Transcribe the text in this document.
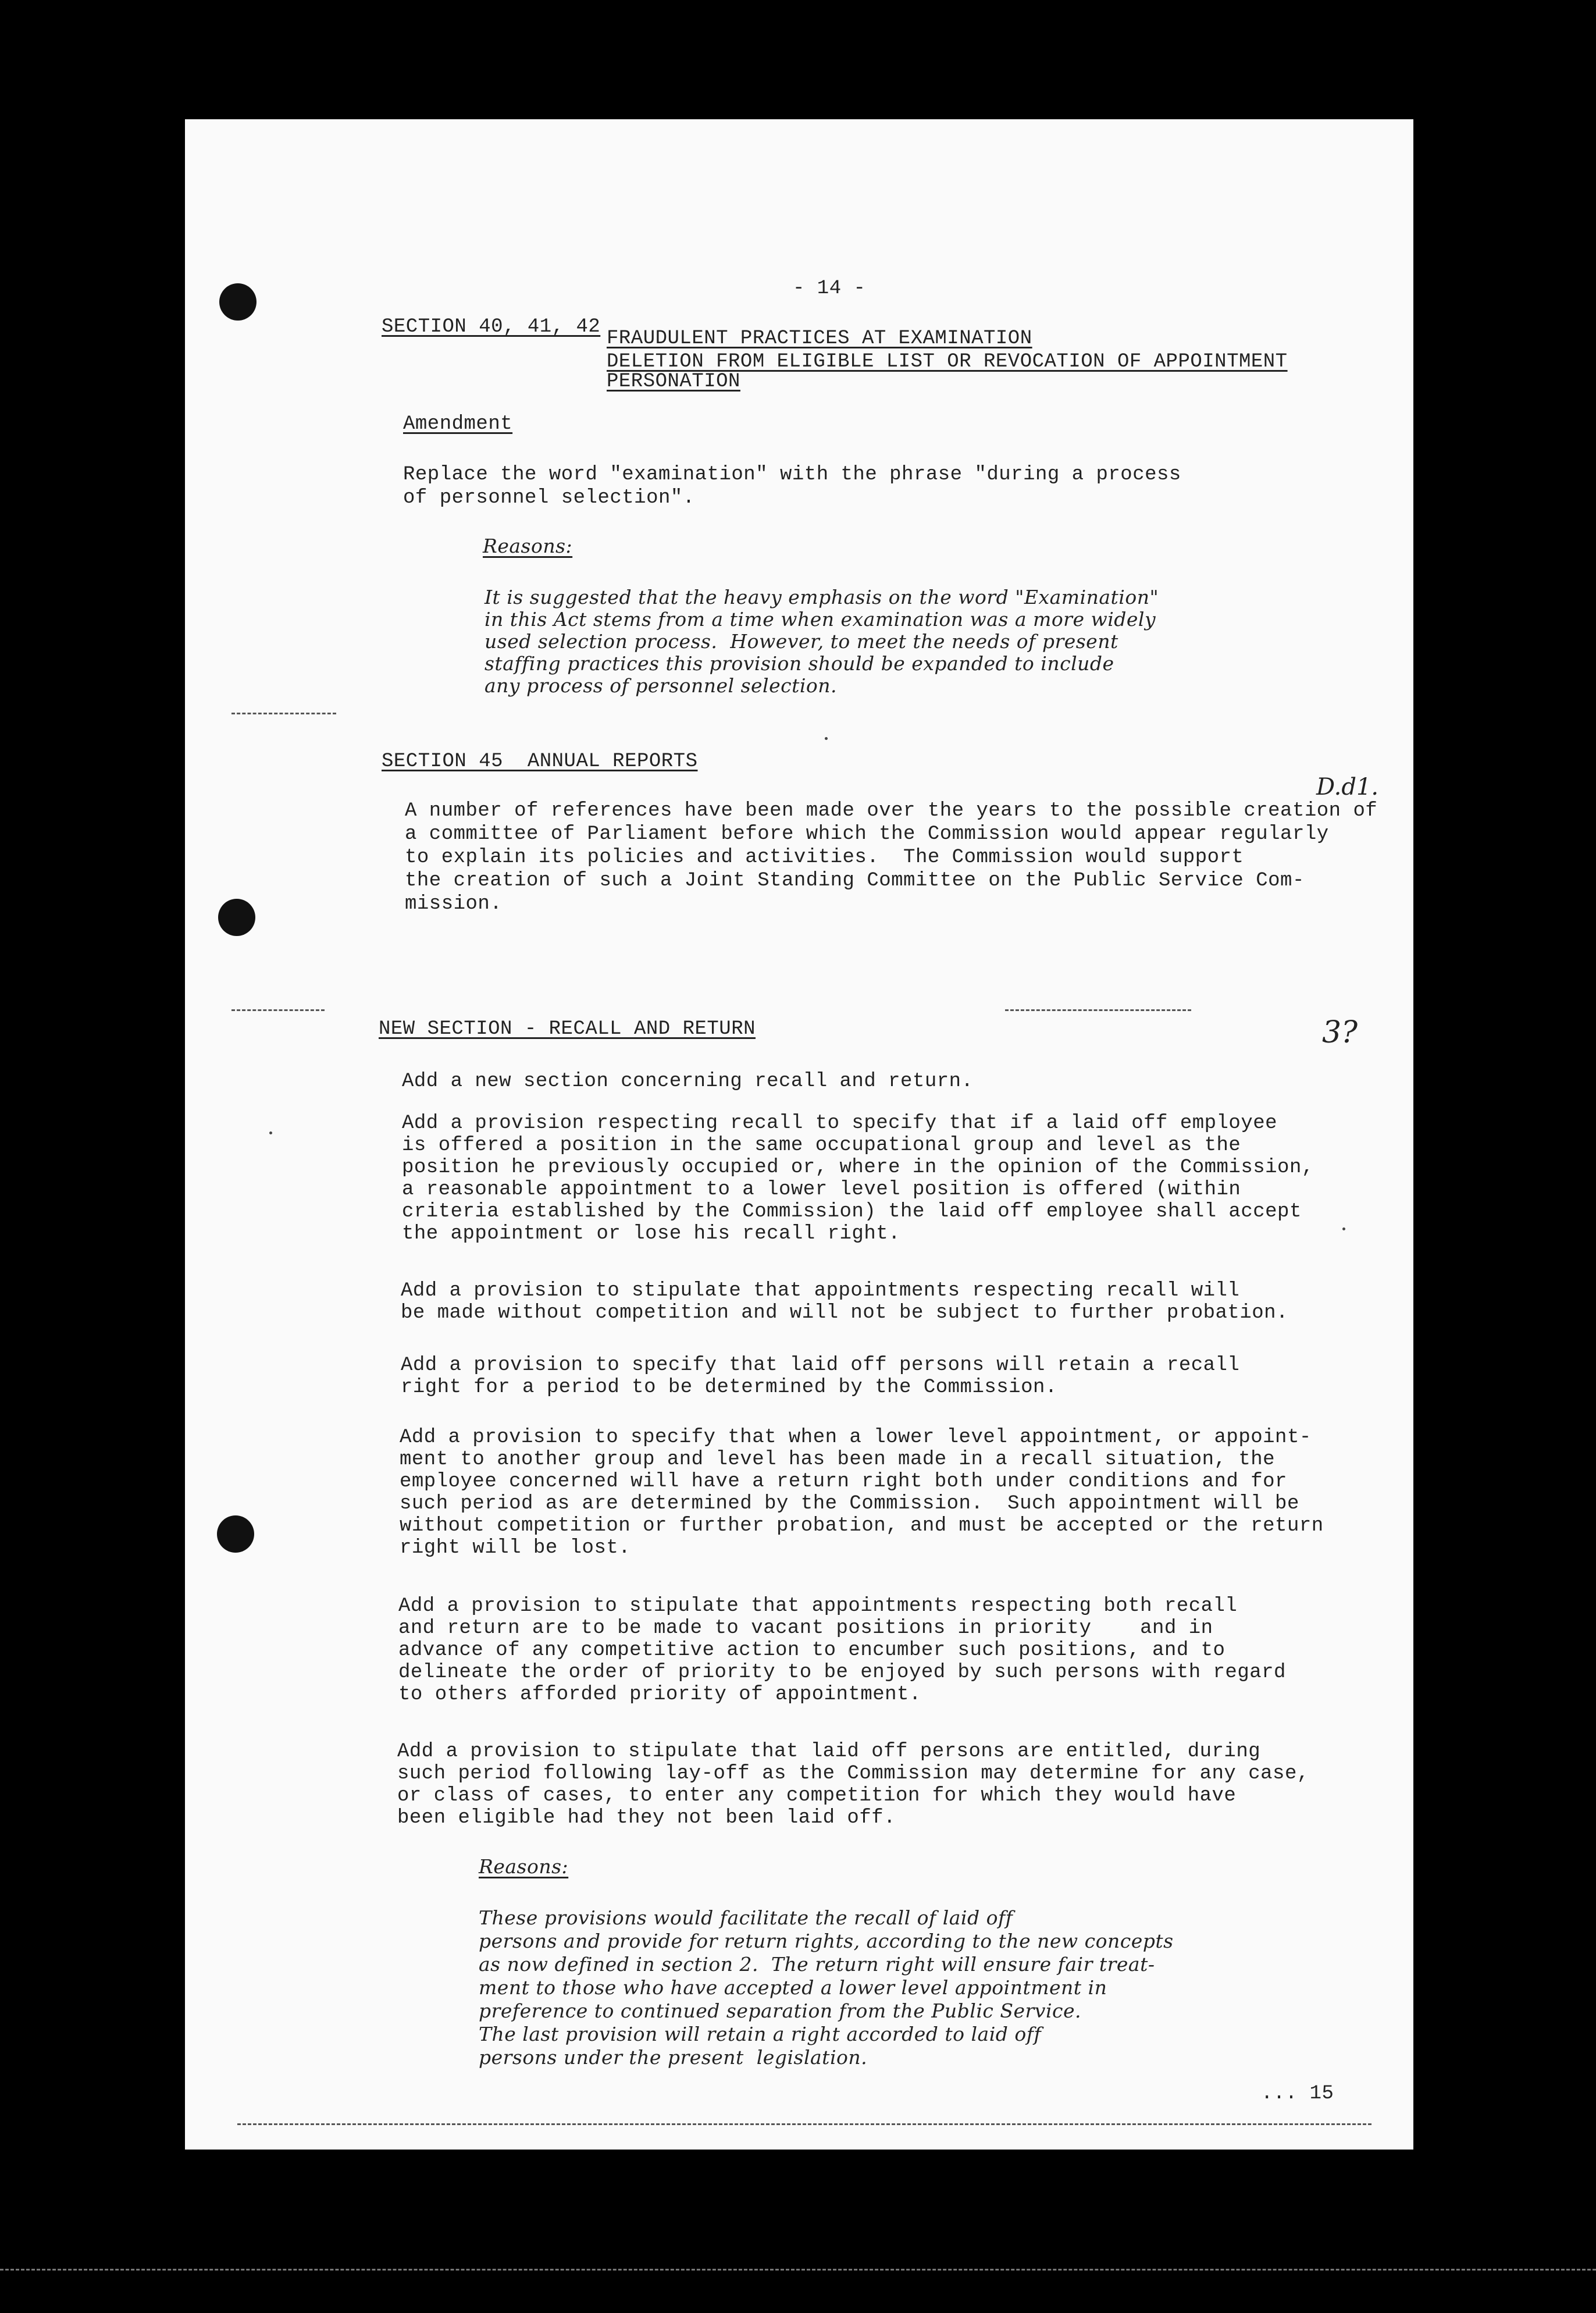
- 14 -
SECTION 40, 41, 42
FRAUDULENT PRACTICES AT EXAMINATION
DELETION FROM ELIGIBLE LIST OR REVOCATION OF APPOINTMENT
PERSONATION
Amendment
Replace the word "examination" with the phrase "during a process
of personnel selection".
Reasons:
It is suggested that the heavy emphasis on the word "Examination"
in this Act stems from a time when examination was a more widely
used selection process.  However, to meet the needs of present
staffing practices this provision should be expanded to include
any process of personnel selection.
SECTION 45  ANNUAL REPORTS
D.d1.
A number of references have been made over the years to the possible creation of
a committee of Parliament before which the Commission would appear regularly
to explain its policies and activities.  The Commission would support
the creation of such a Joint Standing Committee on the Public Service Com-
mission.
NEW SECTION - RECALL AND RETURN	3?
Add a new section concerning recall and return.
Add a provision respecting recall to specify that if a laid off employee
is offered a position in the same occupational group and level as the
position he previously occupied or, where in the opinion of the Commission,
a reasonable appointment to a lower level position is offered (within
criteria established by the Commission) the laid off employee shall accept
the appointment or lose his recall right.
Add a provision to stipulate that appointments respecting recall will
be made without competition and will not be subject to further probation.
Add a provision to specify that laid off persons will retain a recall
right for a period to be determined by the Commission.
Add a provision to specify that when a lower level appointment, or appoint-
ment to another group and level has been made in a recall situation, the
employee concerned will have a return right both under conditions and for
such period as are determined by the Commission.  Such appointment will be
without competition or further probation, and must be accepted or the return
right will be lost.
Add a provision to stipulate that appointments respecting both recall
and return are to be made to vacant positions in priority    and in
advance of any competitive action to encumber such positions, and to
delineate the order of priority to be enjoyed by such persons with regard
to others afforded priority of appointment.
Add a provision to stipulate that laid off persons are entitled, during
such period following lay-off as the Commission may determine for any case,
or class of cases, to enter any competition for which they would have
been eligible had they not been laid off.
Reasons:
These provisions would facilitate the recall of laid off
persons and provide for return rights, according to the new concepts
as now defined in section 2.  The return right will ensure fair treat-
ment to those who have accepted a lower level appointment in
preference to continued separation from the Public Service.
The last provision will retain a right accorded to laid off
persons under the present  legislation.
... 15
